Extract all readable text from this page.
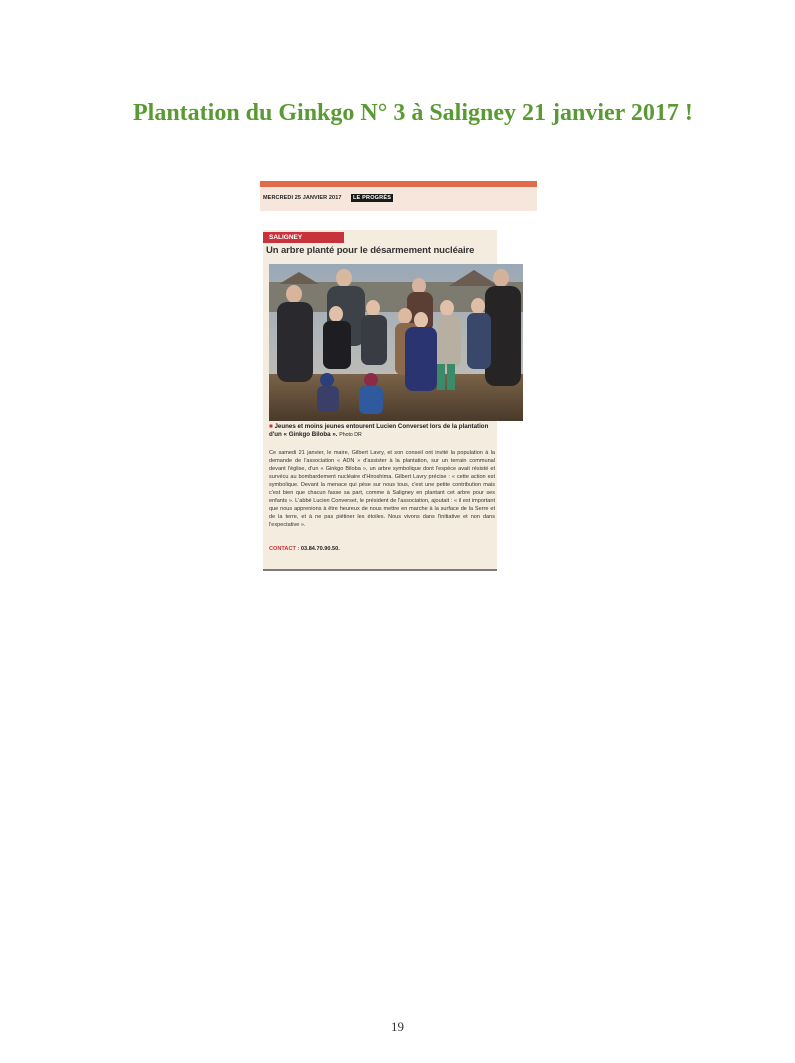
Plantation du Ginkgo N° 3 à Saligney 21 janvier 2017 !
MERCREDI 25 JANVIER 2017	LE PROGRÈS
SALIGNEY
Un arbre planté pour le désarmement nucléaire
■ Jeunes et moins jeunes entourent Lucien Converset lors de la plantation d'un « Ginkgo Biloba ». Photo DR
Ce samedi 21 janvier, le maire, Gilbert Lavry, et son conseil ont invité la population à la demande de l'association « ADN » d'assister à la plantation, sur un terrain communal devant l'église, d'un « Ginkgo Biloba », un arbre symbolique dont l'espèce avait résisté et survécu au bombardement nucléaire d'Hiroshima. Gilbert Lavry précise : « cette action est symbolique. Devant la menace qui pèse sur nous tous, c'est une petite contribution mais c'est bien que chacun fasse sa part, comme à Saligney en plantant cet arbre pour ses enfants ». L'abbé Lucien Converset, le président de l'association, ajoutait : « il est important que nous apprenions à être heureux de nous mettre en marche à la surface de la Serre et de la terre, et à ne pas piétiner les étoiles. Nous vivons dans l'initiative et non dans l'expectative ».
CONTACT : 03.84.70.90.50.
19
